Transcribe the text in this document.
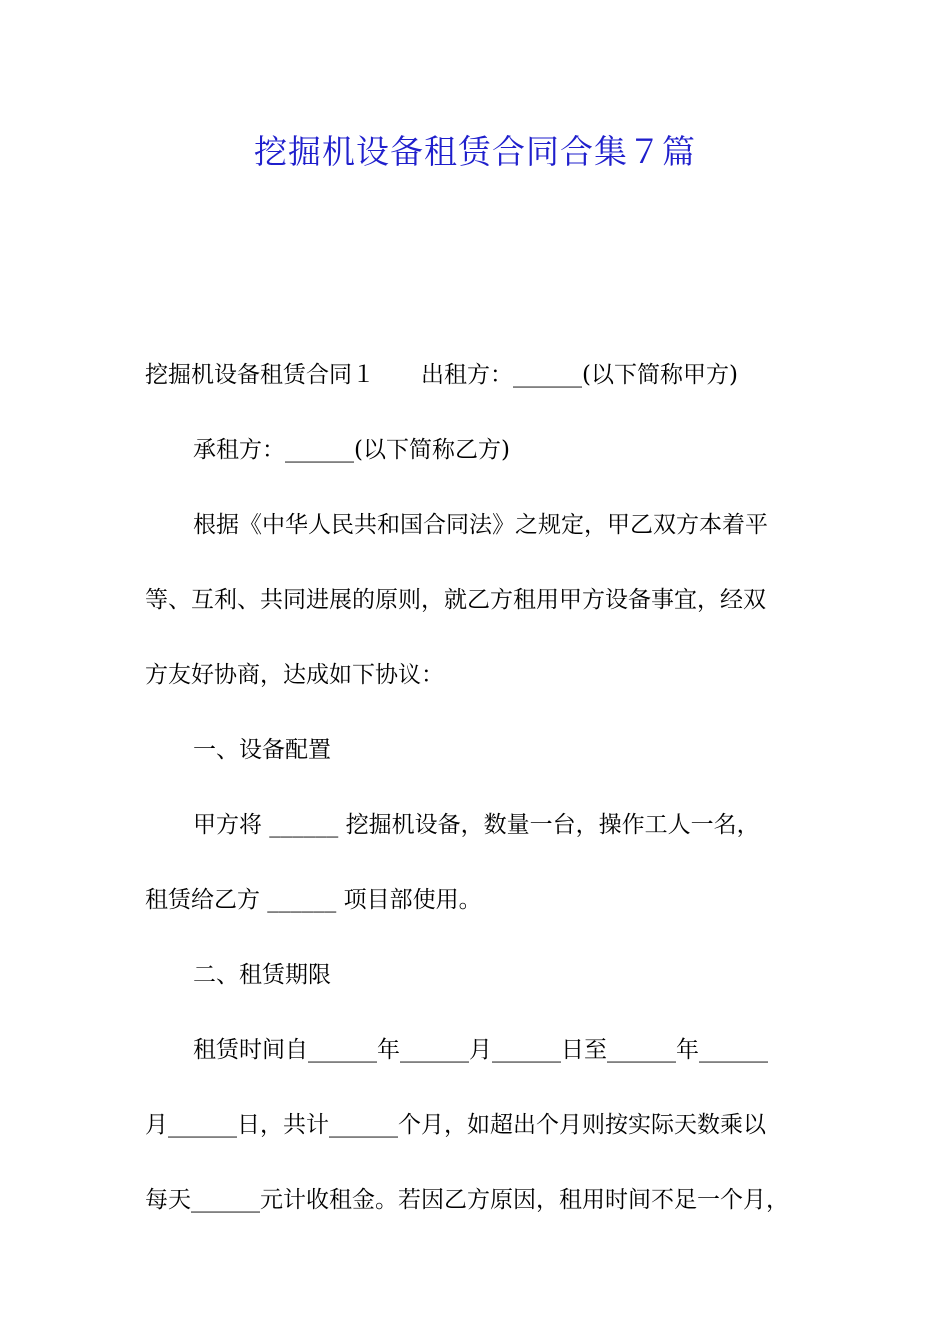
挖掘机设备租赁合同合集７篇

挖掘机设备租赁合同１ 出租方：______(以下简称甲方)

承租方：______(以下简称乙方)

根据《中华人民共和国合同法》之规定，甲乙双方本着平

等、互利、共同进展的原则，就乙方租用甲方设备事宜，经双

方友好协商，达成如下协议：

一、设备配置

甲方将 ______ 挖掘机设备，数量一台，操作工人一名，

租赁给乙方 ______ 项目部使用。

二、租赁期限

租赁时间自______年______月______日至______年______

月______日，共计______个月，如超出个月则按实际天数乘以

每天______元计收租金。若因乙方原因，租用时间不足一个月，
